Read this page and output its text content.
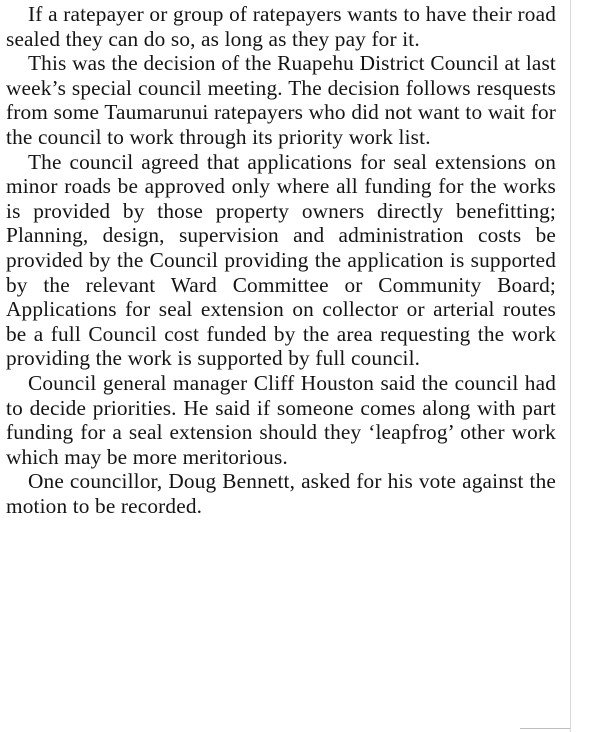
If a ratepayer or group of ratepayers wants to have their road sealed they can do so, as long as they pay for it.

This was the decision of the Ruapehu District Council at last week’s special council meeting. The decision follows resquests from some Taumarunui ratepayers who did not want to wait for the council to work through its priority work list.

The council agreed that applications for seal extensions on minor roads be approved only where all funding for the works is provided by those property owners directly benefitting; Planning, design, supervision and administration costs be provided by the Council providing the application is supported by the relevant Ward Committee or Community Board; Applications for seal extension on collector or arterial routes be a full Council cost funded by the area requesting the work providing the work is supported by full council.

Council general manager Cliff Houston said the council had to decide priorities. He said if someone comes along with part funding for a seal extension should they ‘leapfrog’ other work which may be more meritorious.

One councillor, Doug Bennett, asked for his vote against the motion to be recorded.
